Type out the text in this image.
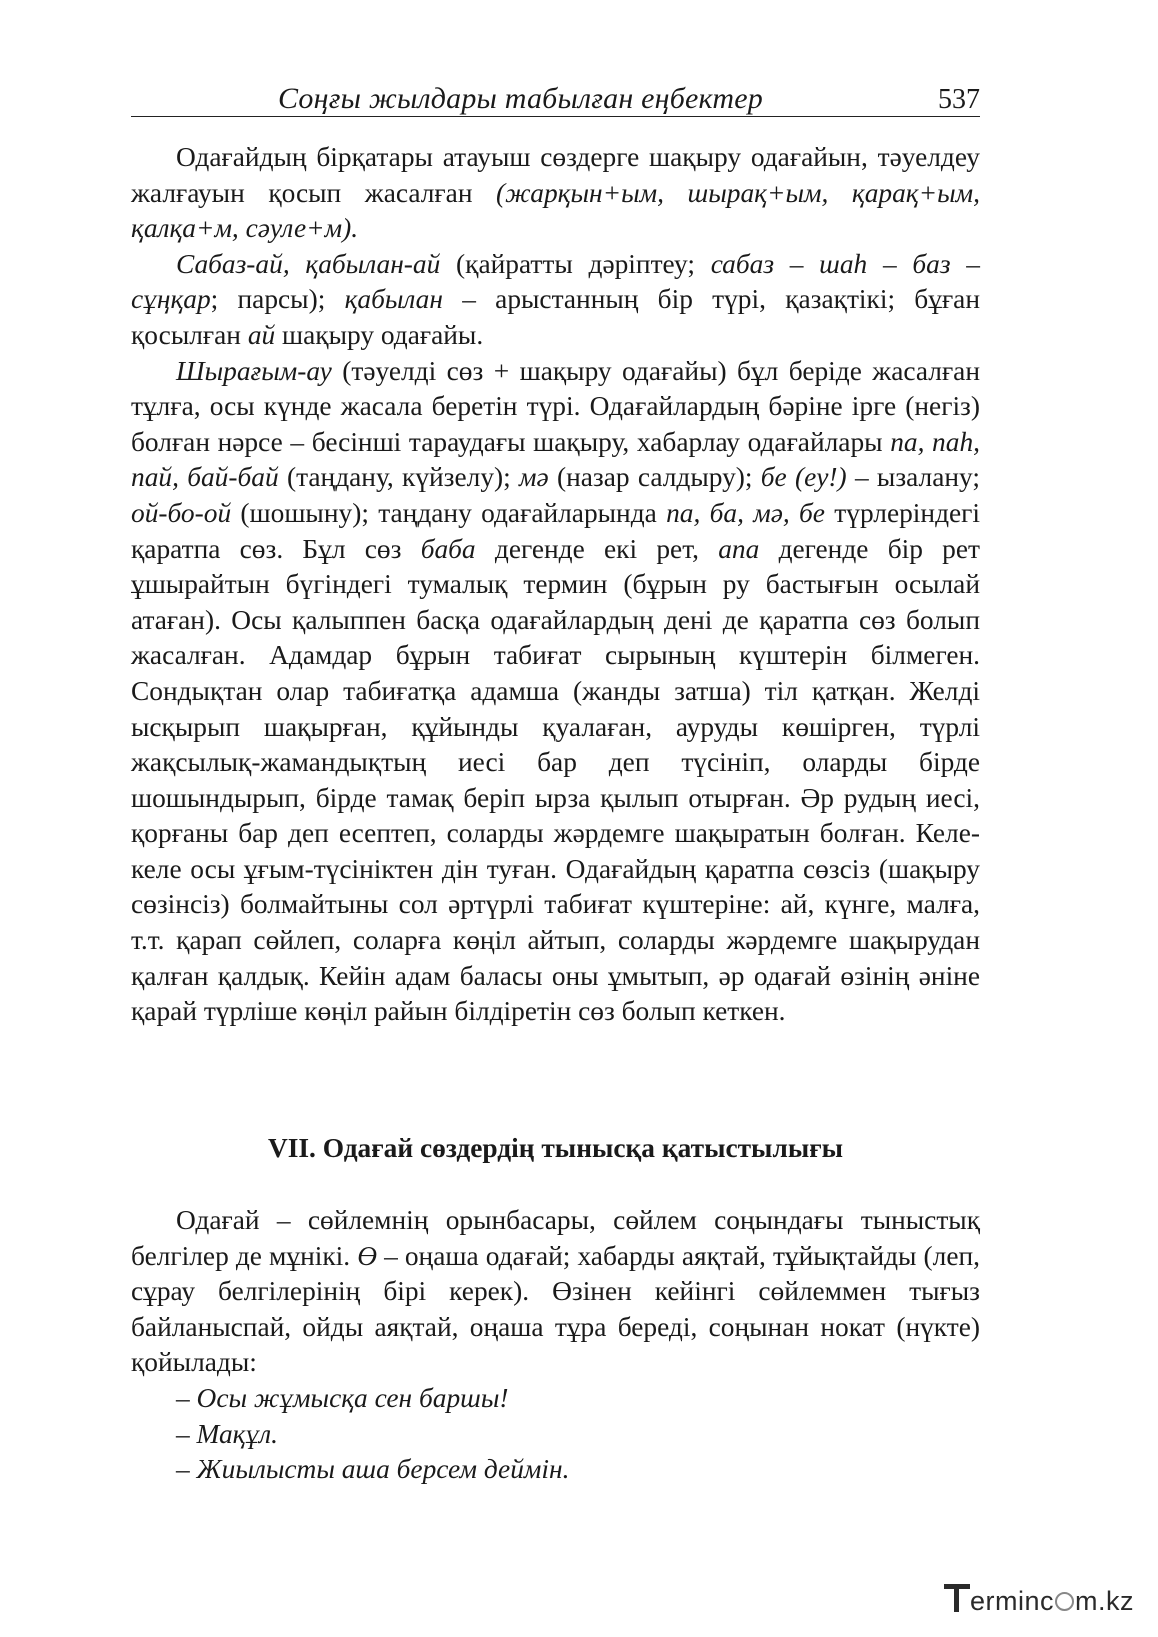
Соңғы жылдары табылған еңбектер	537

Одағайдың бірқатары атауыш сөздерге шақыру одағайын, тәуелдеу жалғауын қосып жасалған (жарқын+ым, шырақ+ым, қарақ+ым, қалқа+м, сәуле+м).

Сабаз-ай, қабылан-ай (қайратты дәріптеу; сабаз – шаһ – баз – сұңқар; парсы); қабылан – арыстанның бір түрі, қазақтікі; бұған қосылған ай шақыру одағайы.

Шырағым-ау (тәуелді сөз + шақыру одағайы) бұл беріде жасалған тұлға, осы күнде жасала беретін түрі. Одағайлардың бәріне ірге (негіз) болған нәрсе – бесінші тараудағы шақыру, хабарлау одағайлары па, паһ, пай, бай-бай (таңдану, күйзелу); мә (назар салдыру); бе (еу!) – ызалану; ой-бо-ой (шошыну); таңдану одағайларында па, ба, мә, бе түрлеріндегі қаратпа сөз. Бұл сөз баба дегенде екі рет, апа дегенде бір рет ұшырайтын бүгіндегі тумалық термин (бұрын ру бастығын осылай атаған). Осы қалыппен басқа одағайлардың дені де қаратпа сөз болып жасалған. Адамдар бұрын табиғат сырының күштерін білмеген. Сондықтан олар табиғатқа адамша (жанды затша) тіл қатқан. Желді ысқырып шақырған, құйынды қуалаған, ауруды көшірген, түрлі жақсылық-жамандықтың иесі бар деп түсініп, оларды бірде шошындырып, бірде тамақ беріп ырза қылып отырған. Әр рудың иесі, қорғаны бар деп есептеп, соларды жәрдемге шақыратын болған. Келе-келе осы ұғым-түсініктен дін туған. Одағайдың қаратпа сөзсіз (шақыру сөзінсіз) болмайтыны сол әртүрлі табиғат күштеріне: ай, күнге, малға, т.т. қарап сөйлеп, соларға көңіл айтып, соларды жәрдемге шақырудан қалған қалдық. Кейін адам баласы оны ұмытып, әр одағай өзінің әніне қарай түрліше көңіл райын білдіретін сөз болып кеткен.

VII. Одағай сөздердің тынысқа қатыстылығы

Одағай – сөйлемнің орынбасары, сөйлем соңындағы тыныстық белгілер де мұнікі. Ө – оңаша одағай; хабарды аяқтай, тұйықтайды (леп, сұрау белгілерінің бірі керек). Өзінен кейінгі сөйлеммен тығыз байланыспай, ойды аяқтай, оңаша тұра береді, соңынан нокат (нүкте) қойылады:

– Осы жұмысқа сен баршы!

– Мақұл.

– Жиылысты аша берсем деймін.

erminc m.kz
